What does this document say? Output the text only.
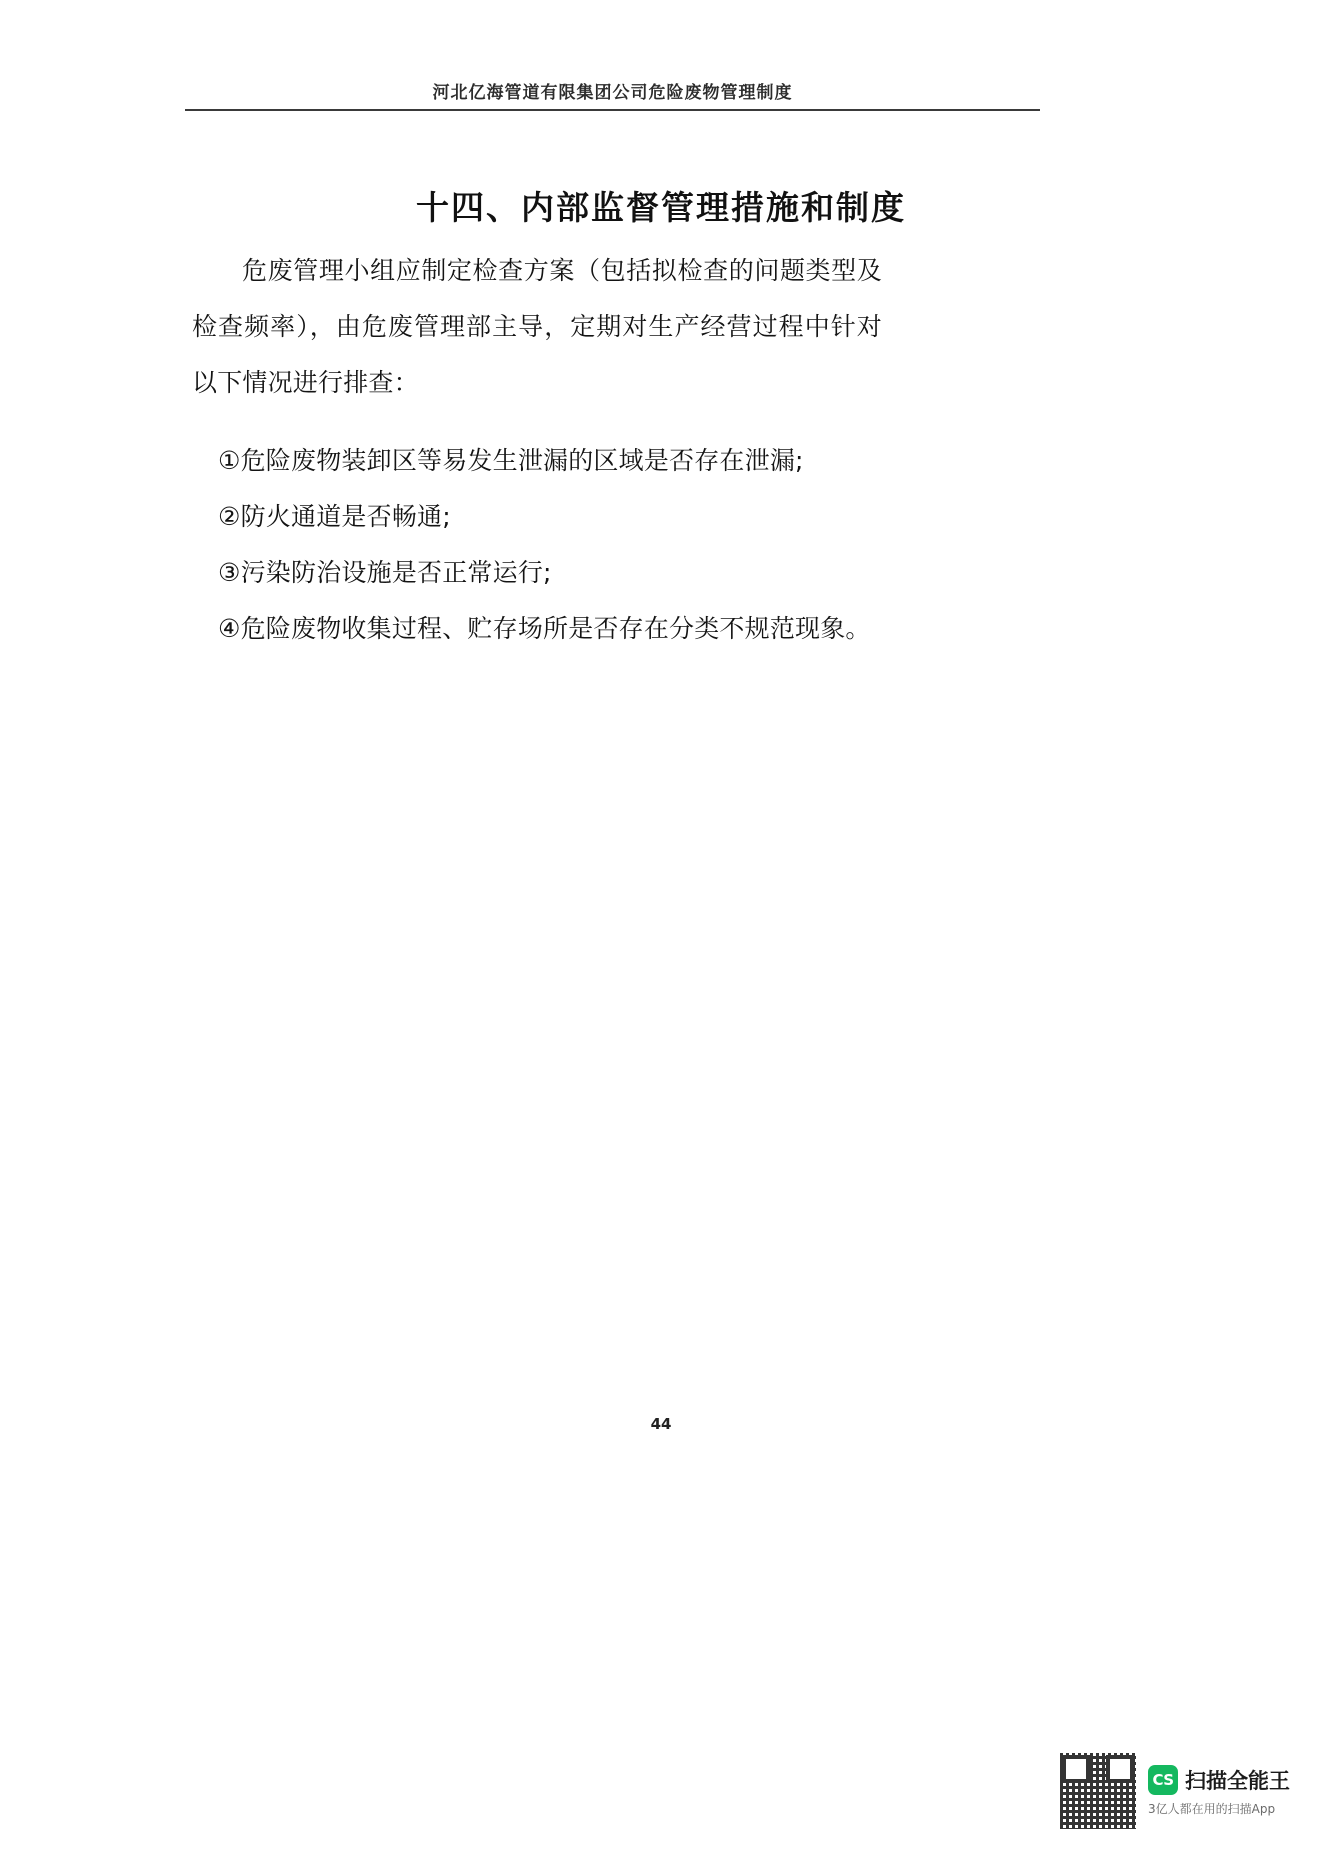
河北亿海管道有限集团公司危险废物管理制度
十四、内部监督管理措施和制度
危废管理小组应制定检查方案（包括拟检查的问题类型及检查频率），由危废管理部主导，定期对生产经营过程中针对以下情况进行排查：
①危险废物装卸区等易发生泄漏的区域是否存在泄漏;
②防火通道是否畅通;
③污染防治设施是否正常运行;
④危险废物收集过程、贮存场所是否存在分类不规范现象。
44
CS 扫描全能王
3亿人都在用的扫描App
